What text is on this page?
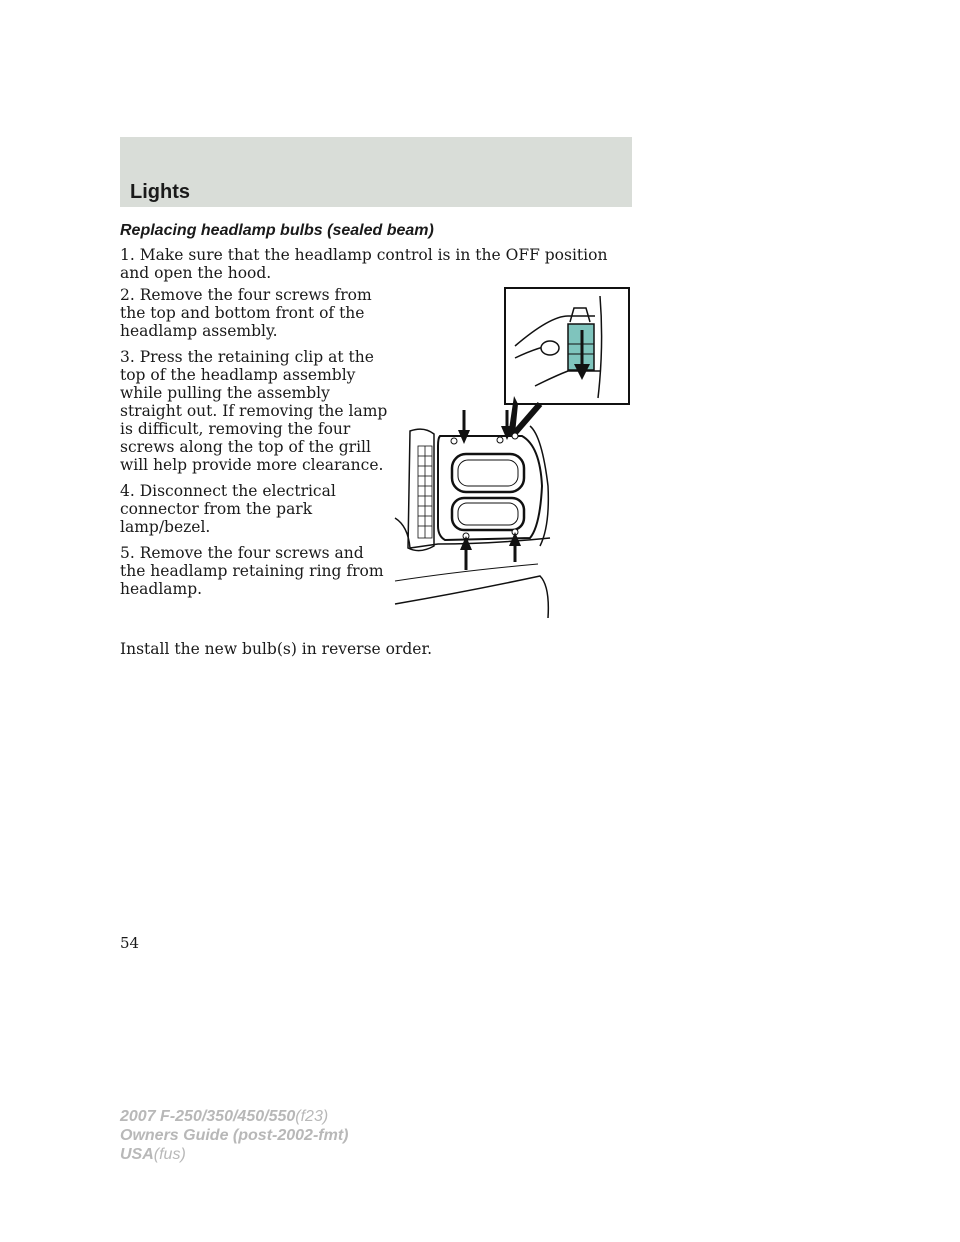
Lights
Replacing headlamp bulbs (sealed beam)

1. Make sure that the headlamp control is in the OFF position and open the hood.

2. Remove the four screws from the top and bottom front of the headlamp assembly.

3. Press the retaining clip at the top of the headlamp assembly while pulling the assembly straight out. If removing the lamp is difficult, removing the four screws along the top of the grill will help provide more clearance.

4. Disconnect the electrical connector from the park lamp/bezel.

5. Remove the four screws and the headlamp retaining ring from headlamp.

Install the new bulb(s) in reverse order.

54
2007 F-250/350/450/550(f23)
Owners Guide (post-2002-fmt)
USA(fus)
